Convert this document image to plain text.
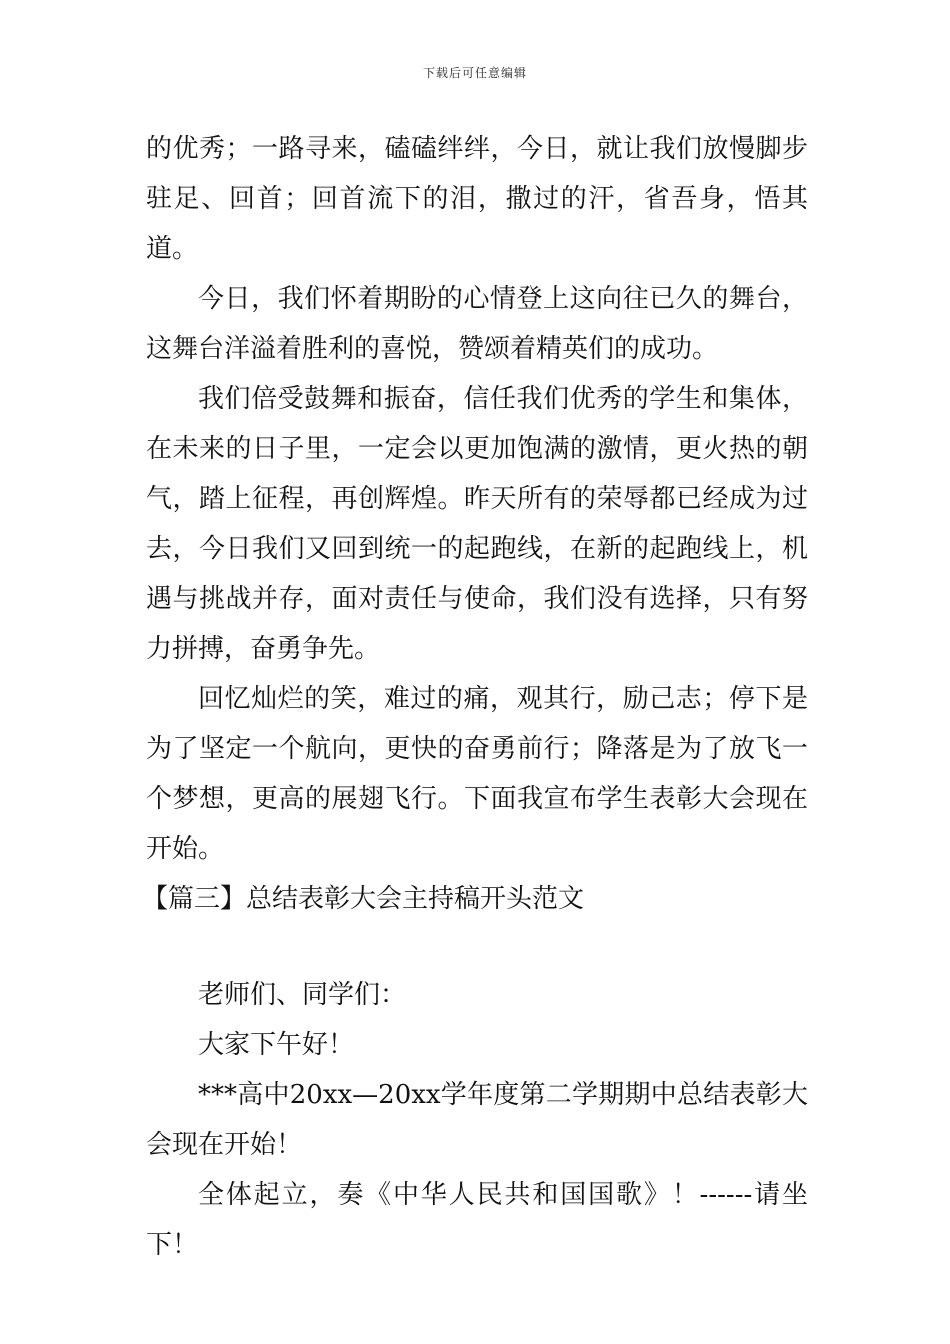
下载后可任意编辑

的优秀；一路寻来，磕磕绊绊，今日，就让我们放慢脚步驻足、回首；回首流下的泪，撒过的汗，省吾身，悟其道。

今日，我们怀着期盼的心情登上这向往已久的舞台，这舞台洋溢着胜利的喜悦，赞颂着精英们的成功。

我们倍受鼓舞和振奋，信任我们优秀的学生和集体，在未来的日子里，一定会以更加饱满的激情，更火热的朝气，踏上征程，再创辉煌。昨天所有的荣辱都已经成为过去，今日我们又回到统一的起跑线，在新的起跑线上，机遇与挑战并存，面对责任与使命，我们没有选择，只有努力拼搏，奋勇争先。

回忆灿烂的笑，难过的痛，观其行，励己志；停下是为了坚定一个航向，更快的奋勇前行；降落是为了放飞一个梦想，更高的展翅飞行。下面我宣布学生表彰大会现在开始。

【篇三】总结表彰大会主持稿开头范文

老师们、同学们：

大家下午好！

***高中20xx—20xx学年度第二学期期中总结表彰大会现在开始！

全体起立，奏《中华人民共和国国歌》！------请坐下！
